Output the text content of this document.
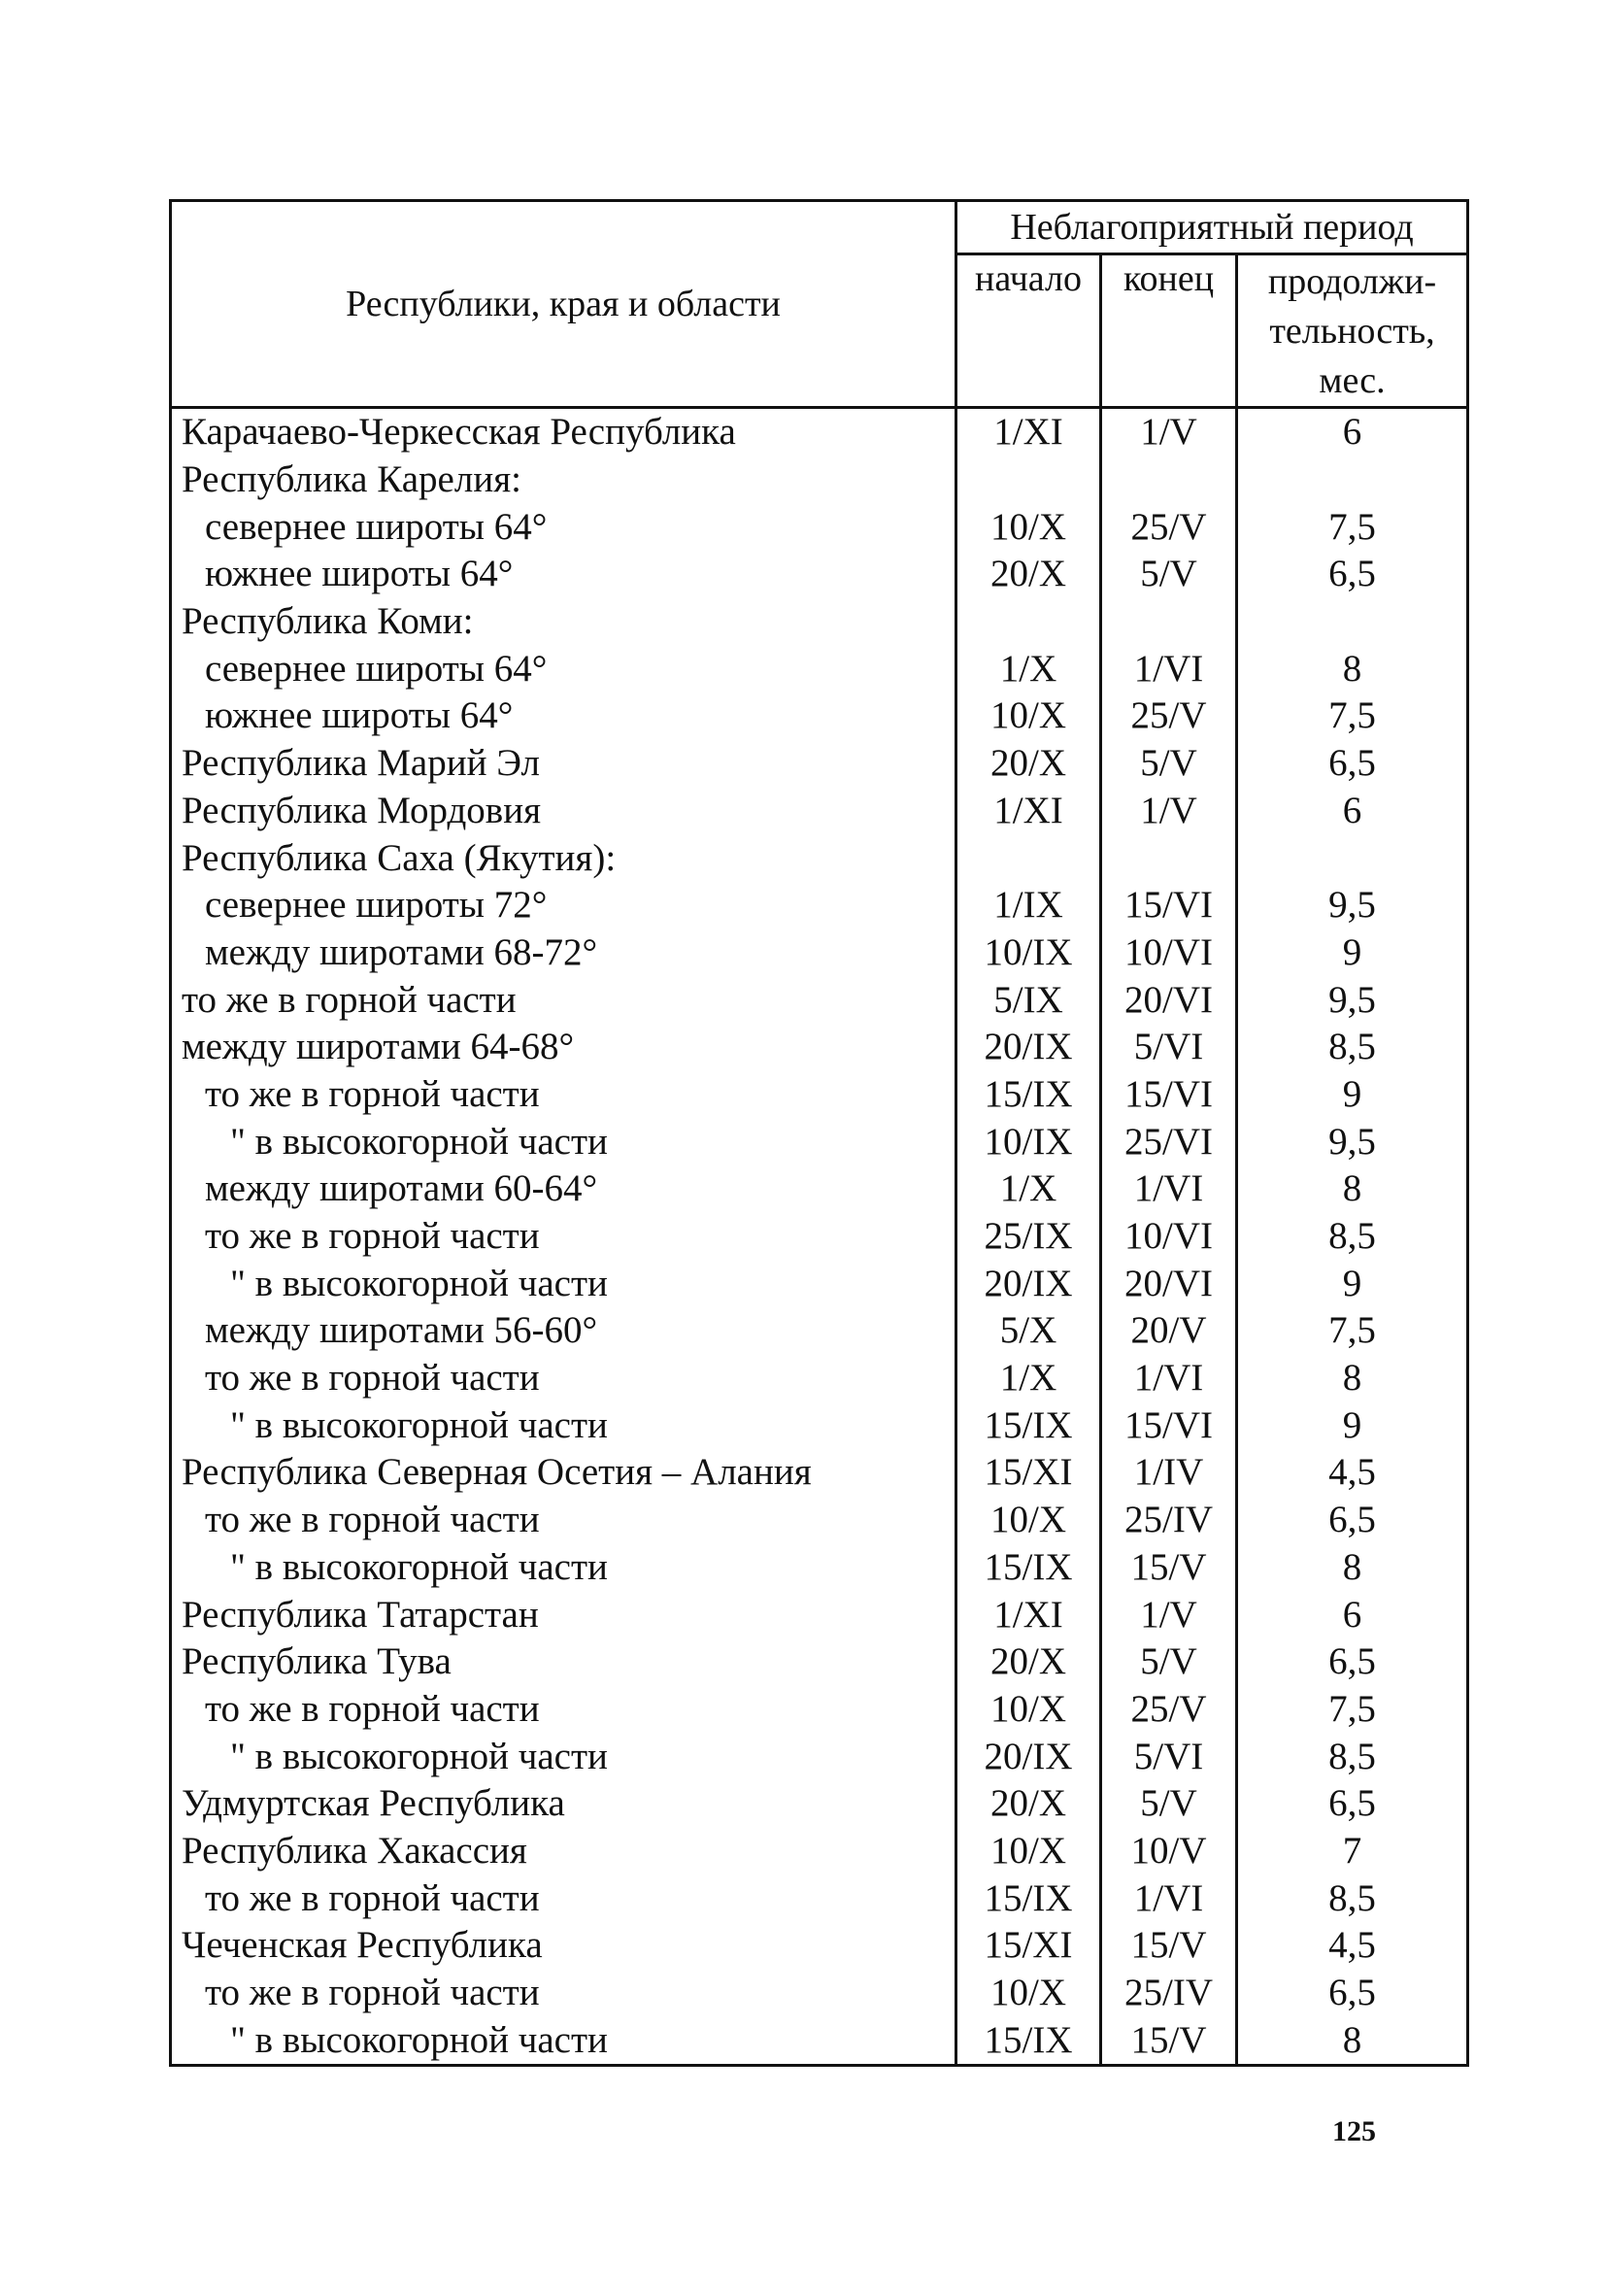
Республики, края и области	Неблагоприятный период		
	начало	конец	продолжи-
тельность,
мес.
Карачаево-Черкесская Республика	1/XI	1/V	6
Республика Карелия:			
севернее широты 64°	10/X	25/V	7,5
южнее широты 64°	20/X	5/V	6,5
Республика Коми:			
севернее широты 64°	1/X	1/VI	8
южнее широты 64°	10/X	25/V	7,5
Республика Марий Эл	20/X	5/V	6,5
Республика Мордовия	1/XI	1/V	6
Республика Саха (Якутия):			
севернее широты 72°	1/IX	15/VI	9,5
между широтами 68-72°	10/IX	10/VI	9
то же в горной части	5/IX	20/VI	9,5
между широтами 64-68°	20/IX	5/VI	8,5
то же в горной части	15/IX	15/VI	9
" в высокогорной части	10/IX	25/VI	9,5
между широтами 60-64°	1/X	1/VI	8
то же в горной части	25/IX	10/VI	8,5
" в высокогорной части	20/IX	20/VI	9
между широтами 56-60°	5/X	20/V	7,5
то же в горной части	1/X	1/VI	8
" в высокогорной части	15/IX	15/VI	9
Республика Северная Осетия – Алания	15/XI	1/IV	4,5
то же в горной части	10/X	25/IV	6,5
" в высокогорной части	15/IX	15/V	8
Республика Татарстан	1/XI	1/V	6
Республика Тува	20/X	5/V	6,5
то же в горной части	10/X	25/V	7,5
" в высокогорной части	20/IX	5/VI	8,5
Удмуртская Республика	20/X	5/V	6,5
Республика Хакассия	10/X	10/V	7
то же в горной части	15/IX	1/VI	8,5
Чеченская Республика	15/XI	15/V	4,5
то же в горной части	10/X	25/IV	6,5
" в высокогорной части	15/IX	15/V	8
125
